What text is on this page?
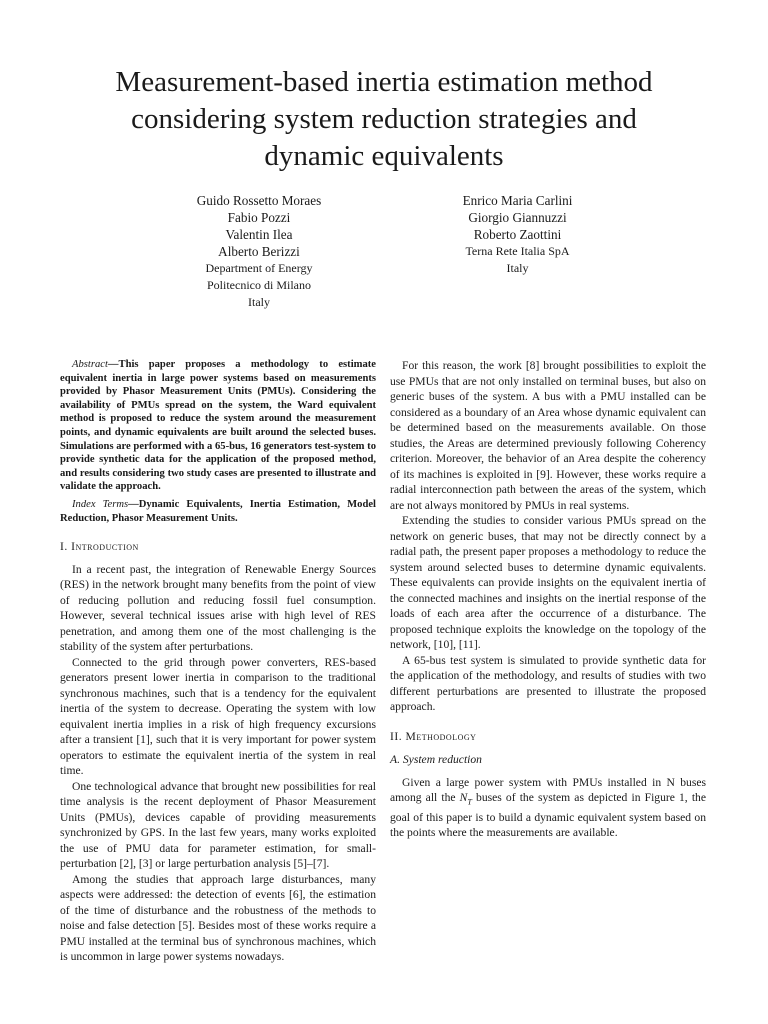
Measurement-based inertia estimation method
considering system reduction strategies and
dynamic equivalents
Guido Rossetto Moraes
Fabio Pozzi
Valentin Ilea
Alberto Berizzi
Department of Energy
Politecnico di Milano
Italy
Enrico Maria Carlini
Giorgio Giannuzzi
Roberto Zaottini
Terna Rete Italia SpA
Italy

Abstract—This paper proposes a methodology to estimate equivalent inertia in large power systems based on measurements provided by Phasor Measurement Units (PMUs). Considering the availability of PMUs spread on the system, the Ward equivalent method is proposed to reduce the system around the measurement points, and dynamic equivalents are built around the selected buses. Simulations are performed with a 65-bus, 16 generators test-system to provide synthetic data for the application of the proposed method, and results considering two study cases are presented to illustrate and validate the approach.

Index Terms—Dynamic Equivalents, Inertia Estimation, Model Reduction, Phasor Measurement Units.

I. Introduction

In a recent past, the integration of Renewable Energy Sources (RES) in the network brought many benefits from the point of view of reducing pollution and reducing fossil fuel consumption. However, several technical issues arise with high level of RES penetration, and among them one of the most challenging is the stability of the system after perturbations.

Connected to the grid through power converters, RES-based generators present lower inertia in comparison to the traditional synchronous machines, such that is a tendency for the equivalent inertia of the system to decrease. Operating the system with low equivalent inertia implies in a risk of high frequency excursions after a transient [1], such that it is very important for power system operators to estimate the equivalent inertia of the system in real time.

One technological advance that brought new possibilities for real time analysis is the recent deployment of Phasor Measurement Units (PMUs), devices capable of providing measurements synchronized by GPS. In the last few years, many works exploited the use of PMU data for parameter estimation, for small-perturbation [2], [3] or large perturbation analysis [5]–[7].

Among the studies that approach large disturbances, many aspects were addressed: the detection of events [6], the estimation of the time of disturbance and the robustness of the methods to noise and false detection [5]. Besides most of these works require a PMU installed at the terminal bus of synchronous machines, which is uncommon in large power systems nowadays.

For this reason, the work [8] brought possibilities to exploit the use PMUs that are not only installed on terminal buses, but also on generic buses of the system. A bus with a PMU installed can be considered as a boundary of an Area whose dynamic equivalent can be determined based on the measurements available. On those studies, the Areas are determined previously following Coherency criterion. Moreover, the behavior of an Area despite the coherency of its machines is exploited in [9]. However, these works require a radial interconnection path between the areas of the system, which are not always monitored by PMUs in real systems.

Extending the studies to consider various PMUs spread on the network on generic buses, that may not be directly connect by a radial path, the present paper proposes a methodology to reduce the system around selected buses to determine dynamic equivalents. These equivalents can provide insights on the equivalent inertia of the connected machines and insights on the inertial response of the loads of each area after the occurrence of a disturbance. The proposed technique exploits the knowledge on the topology of the network, [10], [11].

A 65-bus test system is simulated to provide synthetic data for the application of the methodology, and results of studies with two different perturbations are presented to illustrate the proposed approach.

II. Methodology

A. System reduction

Given a large power system with PMUs installed in N buses among all the $N_T$ buses of the system as depicted in Figure 1, the goal of this paper is to build a dynamic equivalent system based on the points where the measurements are available.
